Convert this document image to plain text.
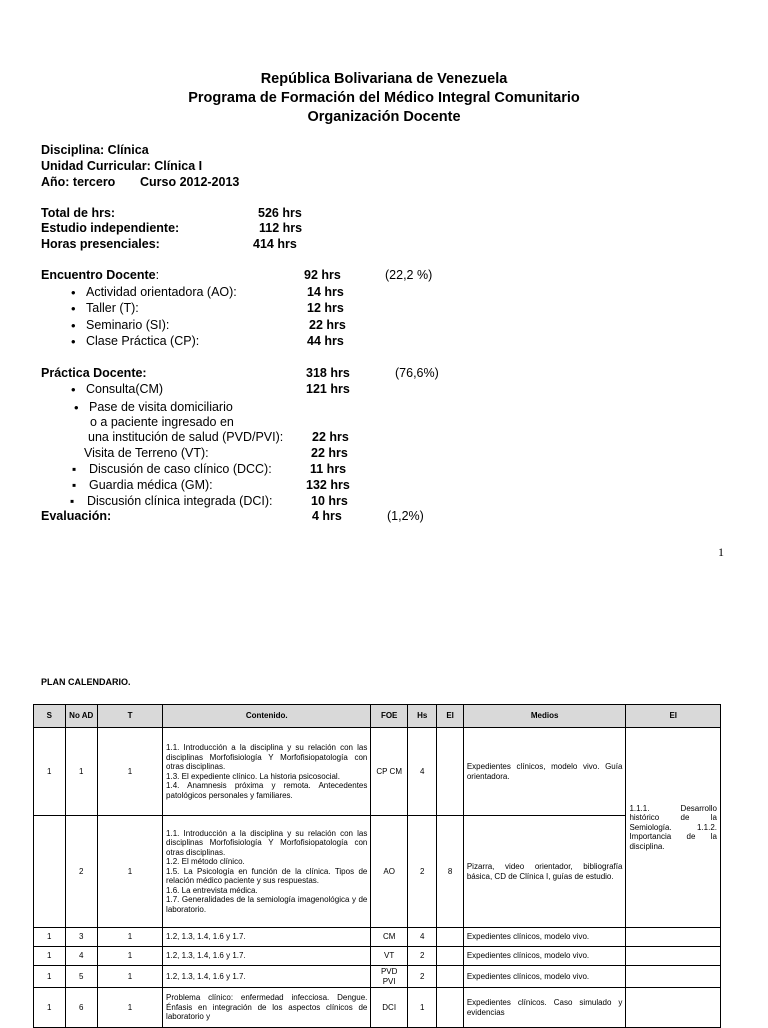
República Bolivariana de Venezuela
Programa de Formación del Médico Integral Comunitario
Organización Docente
Disciplina: Clínica
Unidad Curricular: Clínica I
Año: tercero Curso 2012-2013
Total de hrs:	526 hrs
Estudio independiente:	112 hrs
Horas presenciales:	414 hrs
Encuentro Docente:	92 hrs	(22,2 %)
• Actividad orientadora (AO):	14 hrs
• Taller (T):	12 hrs
• Seminario (SI):	22 hrs
• Clase Práctica (CP):	44 hrs
Práctica Docente:	318 hrs	(76,6%)
• Consulta(CM)	121 hrs
• Pase de visita domiciliario
o a paciente ingresado en
una institución de salud (PVD/PVI): 22 hrs
Visita de Terreno (VT):	22 hrs
▪ Discusión de caso clínico (DCC):	11 hrs
▪ Guardia médica (GM):	132 hrs
▪ Discusión clínica integrada (DCI):	10 hrs
Evaluación:	4 hrs	(1,2%)
1
PLAN CALENDARIO.
S	No AD	T	Contenido.	FOE	Hs	EI	Medios	EI
1	1	1	1.1. Introducción a la disciplina y su relación con las disciplinas Morfofisiología Y Morfofisiopatología con otras disciplinas.
1.3. El expediente clínico. La historia psicosocial.
1.4. Anamnesis próxima y remota. Antecedentes patológicos personales y familiares.	CP CM	4		Expedientes clínicos, modelo vivo. Guía orientadora.	1.1.1. Desarrollo histórico de la Semiología. 1.1.2. Importancia de la disciplina.
	2	1	1.1. Introducción a la disciplina y su relación con las disciplinas Morfofisiología Y Morfofisiopatología con otras disciplinas.
1.2. El método clínico.
1.5. La Psicología en función de la clínica. Tipos de relación médico paciente y sus respuestas.
1.6. La entrevista médica.
1.7. Generalidades de la semiología imagenológica y de laboratorio.	AO	2	8	Pizarra, video orientador, bibliografía básica, CD de Clínica I, guías de estudio.	
1	3	1	1.2, 1.3, 1.4, 1.6 y 1.7.	CM	4		Expedientes clínicos, modelo vivo.	
1	4	1	1.2, 1.3, 1.4, 1.6 y 1.7.	VT	2		Expedientes clínicos, modelo vivo.	
1	5	1	1.2, 1.3, 1.4, 1.6 y 1.7.	PVD PVI	2		Expedientes clínicos, modelo vivo.	
1	6	1	Problema clínico: enfermedad infecciosa. Dengue. Énfasis en integración de los aspectos clínicos de laboratorio y	DCI	1		Expedientes clínicos. Caso simulado y evidencias	
